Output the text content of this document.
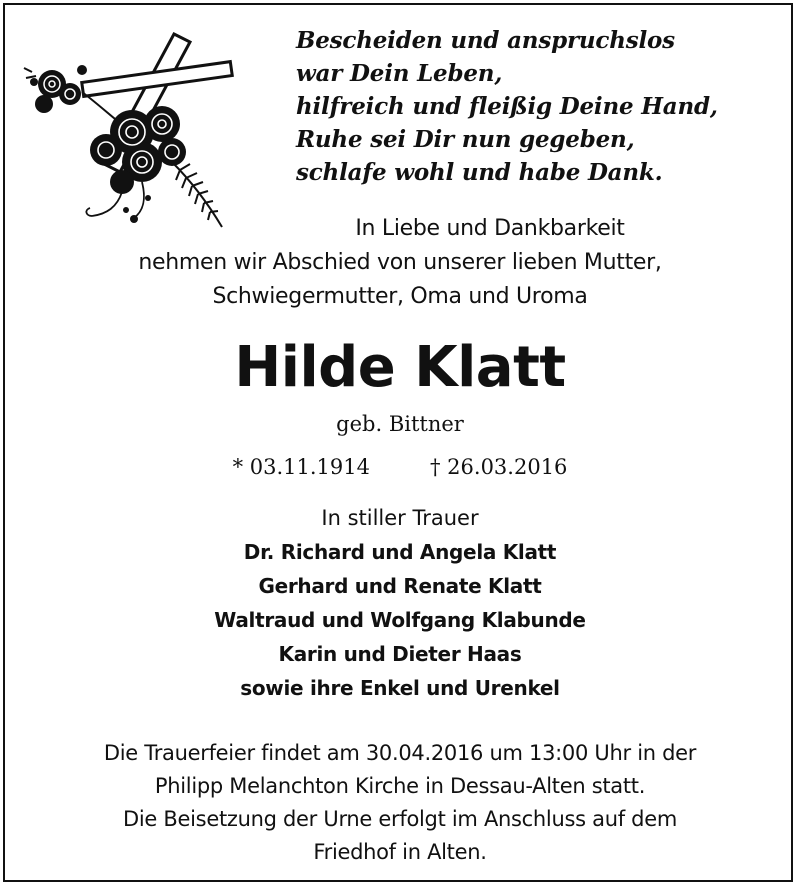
Bescheiden und anspruchslos
war Dein Leben,
hilfreich und fleißig Deine Hand,
Ruhe sei Dir nun gegeben,
schlafe wohl und habe Dank.
In Liebe und Dankbarkeit
nehmen wir Abschied von unserer lieben Mutter,
Schwiegermutter, Oma und Uroma
Hilde Klatt
geb. Bittner
* 03.11.1914	† 26.03.2016
In stiller Trauer
Dr. Richard und Angela Klatt
Gerhard und Renate Klatt
Waltraud und Wolfgang Klabunde
Karin und Dieter Haas
sowie ihre Enkel und Urenkel
Die Trauerfeier findet am 30.04.2016 um 13:00 Uhr in der
Philipp Melanchton Kirche in Dessau-Alten statt.
Die Beisetzung der Urne erfolgt im Anschluss auf dem
Friedhof in Alten.
